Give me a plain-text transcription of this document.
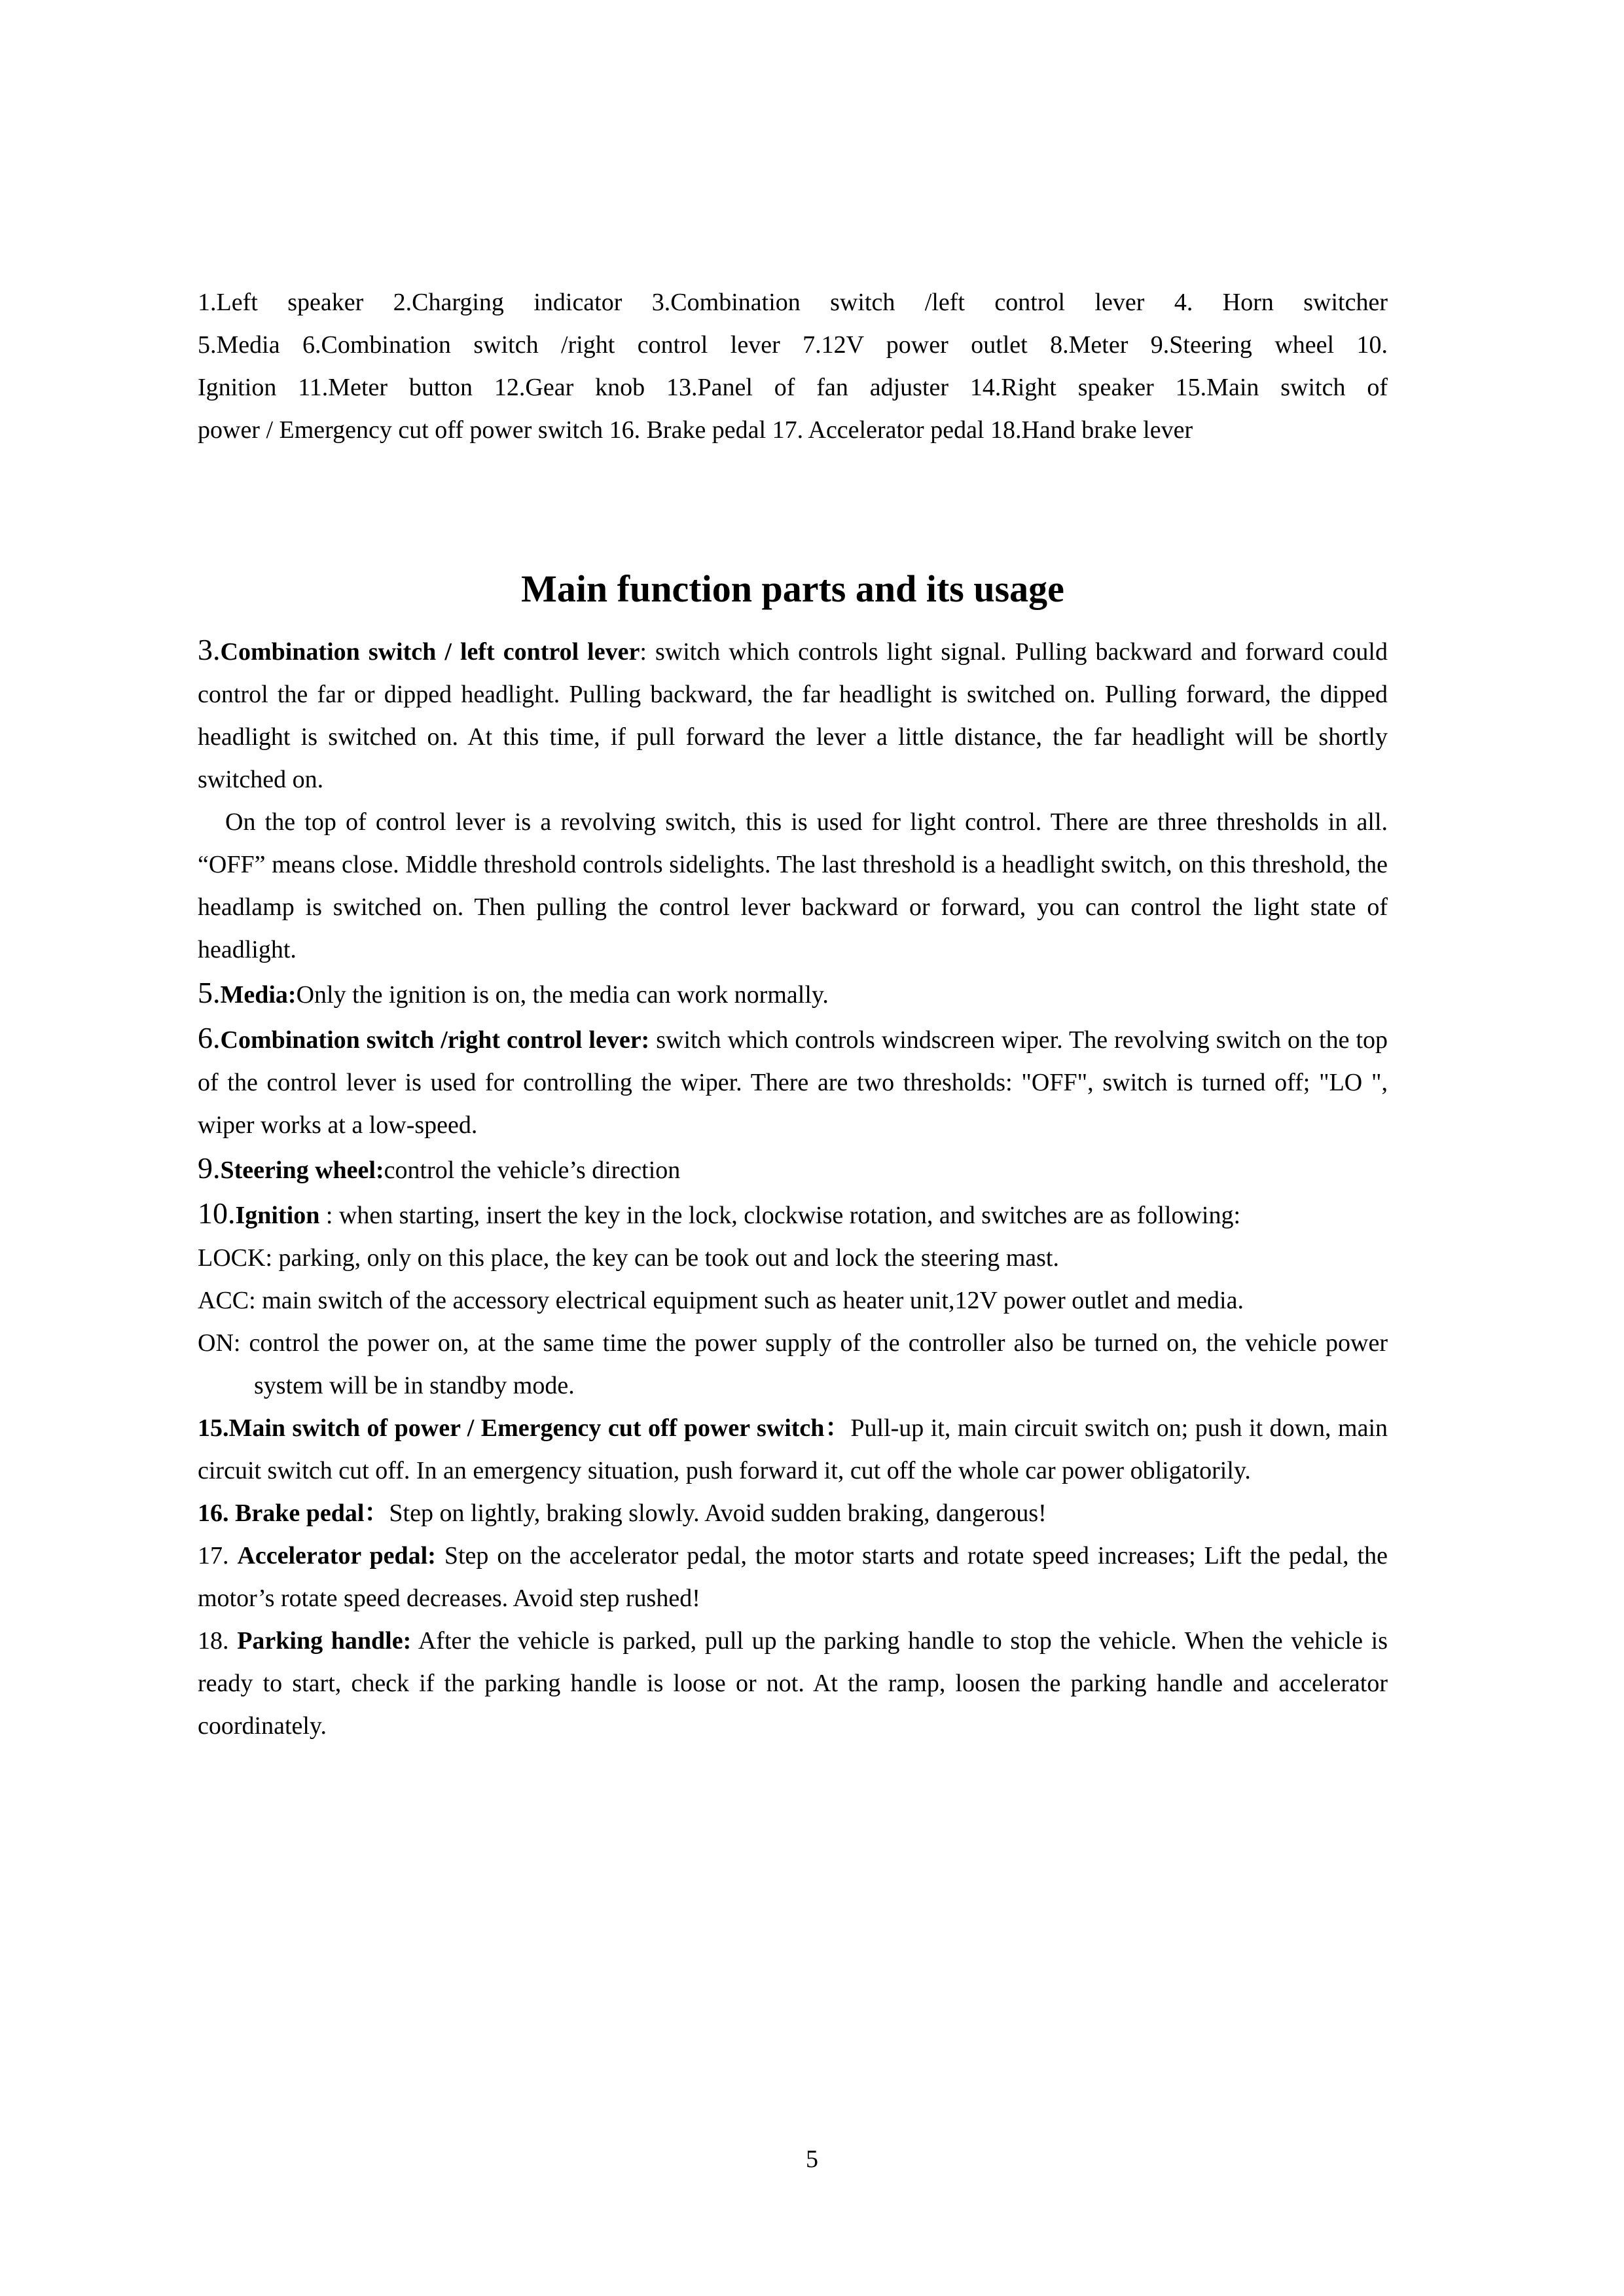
1.Left speaker 2.Charging indicator 3.Combination switch /left control lever 4. Horn switcher

5.Media 6.Combination switch /right control lever 7.12V power outlet 8.Meter 9.Steering wheel 10.

Ignition 11.Meter button 12.Gear knob 13.Panel of fan adjuster 14.Right speaker 15.Main switch of

power / Emergency cut off power switch 16. Brake pedal 17. Accelerator pedal 18.Hand brake lever

Main function parts and its usage

3.Combination switch / left control lever: switch which controls light signal. Pulling backward and forward could control the far or dipped headlight. Pulling backward, the far headlight is switched on. Pulling forward, the dipped headlight is switched on. At this time, if pull forward the lever a little distance, the far headlight will be shortly switched on.

On the top of control lever is a revolving switch, this is used for light control. There are three thresholds in all. “OFF” means close. Middle threshold controls sidelights. The last threshold is a headlight switch, on this threshold, the headlamp is switched on. Then pulling the control lever backward or forward, you can control the light state of headlight.

5.Media:Only the ignition is on, the media can work normally.

6.Combination switch /right control lever: switch which controls windscreen wiper. The revolving switch on the top of the control lever is used for controlling the wiper. There are two thresholds: "OFF", switch is turned off; "LO ", wiper works at a low-speed.

9.Steering wheel:control the vehicle’s direction

10.Ignition : when starting, insert the key in the lock, clockwise rotation, and switches are as following:

LOCK: parking, only on this place, the key can be took out and lock the steering mast.

ACC: main switch of the accessory electrical equipment such as heater unit,12V power outlet and media.

ON: control the power on, at the same time the power supply of the controller also be turned on, the vehicle power system will be in standby mode.

15.Main switch of power / Emergency cut off power switch：Pull-up it, main circuit switch on; push it down, main circuit switch cut off. In an emergency situation, push forward it, cut off the whole car power obligatorily.

16. Brake pedal：Step on lightly, braking slowly. Avoid sudden braking, dangerous!

17. Accelerator pedal: Step on the accelerator pedal, the motor starts and rotate speed increases; Lift the pedal, the motor’s rotate speed decreases. Avoid step rushed!

18. Parking handle: After the vehicle is parked, pull up the parking handle to stop the vehicle. When the vehicle is ready to start, check if the parking handle is loose or not. At the ramp, loosen the parking handle and accelerator coordinately.

5
